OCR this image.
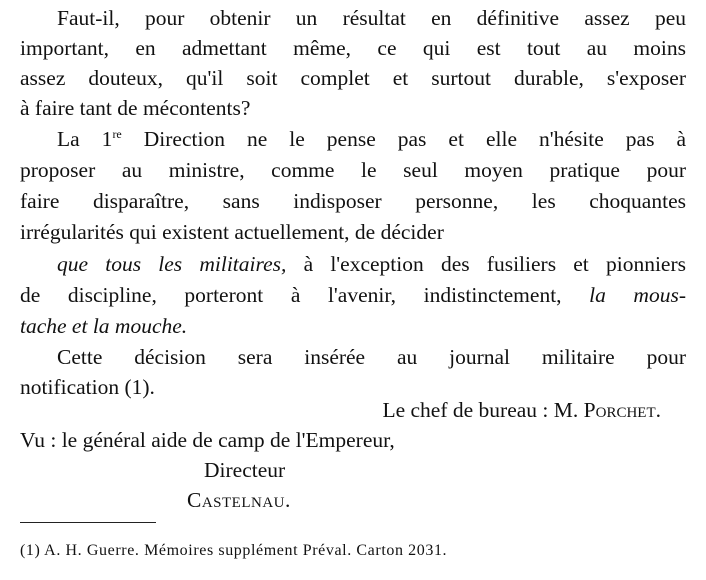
Faut-il, pour obtenir un résultat en définitive assez peu
important, en admettant même, ce qui est tout au moins
assez douteux, qu'il soit complet et surtout durable, s'exposer
à faire tant de mécontents?
La 1re Direction ne le pense pas et elle n'hésite pas à
proposer au ministre, comme le seul moyen pratique pour
faire disparaître, sans indisposer personne, les choquantes
irrégularités qui existent actuellement, de décider
que tous les militaires, à l'exception des fusiliers et pionniers
de discipline, porteront à l'avenir, indistinctement, la mous-
tache et la mouche.
Cette décision sera insérée au journal militaire pour
notification (1).
Le chef de bureau : M. Porchet.
Vu : le général aide de camp de l'Empereur,
Directeur
Castelnau.
(1) A. H. Guerre. Mémoires supplément Préval. Carton 2031.
